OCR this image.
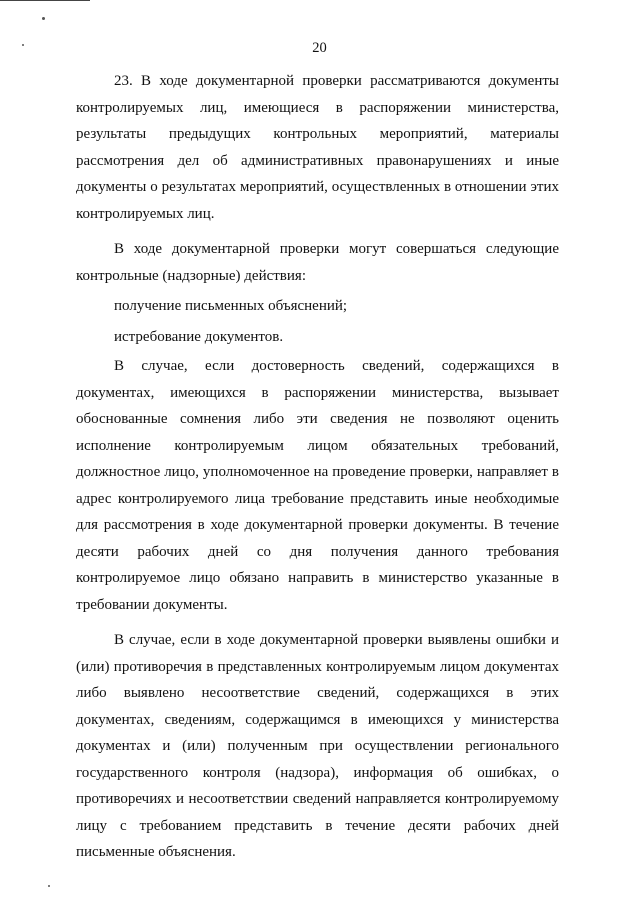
20

23. В ходе документарной проверки рассматриваются документы контролируемых лиц, имеющиеся в распоряжении министерства, результаты предыдущих контрольных мероприятий, материалы рассмотрения дел об административных правонарушениях и иные документы о результатах мероприятий, осуществленных в отношении этих контролируемых лиц.

В ходе документарной проверки могут совершаться следующие контрольные (надзорные) действия:

получение письменных объяснений;

истребование документов.

В случае, если достоверность сведений, содержащихся в документах, имеющихся в распоряжении министерства, вызывает обоснованные сомнения либо эти сведения не позволяют оценить исполнение контролируемым лицом обязательных требований, должностное лицо, уполномоченное на проведение проверки, направляет в адрес контролируемого лица требование представить иные необходимые для рассмотрения в ходе документарной проверки документы. В течение десяти рабочих дней со дня получения данного требования контролируемое лицо обязано направить в министерство указанные в требовании документы.

В случае, если в ходе документарной проверки выявлены ошибки и (или) противоречия в представленных контролируемым лицом документах либо выявлено несоответствие сведений, содержащихся в этих документах, сведениям, содержащимся в имеющихся у министерства документах и (или) полученным при осуществлении регионального государственного контроля (надзора), информация об ошибках, о противоречиях и несоответствии сведений направляется контролируемому лицу с требованием представить в течение десяти рабочих дней письменные объяснения.
